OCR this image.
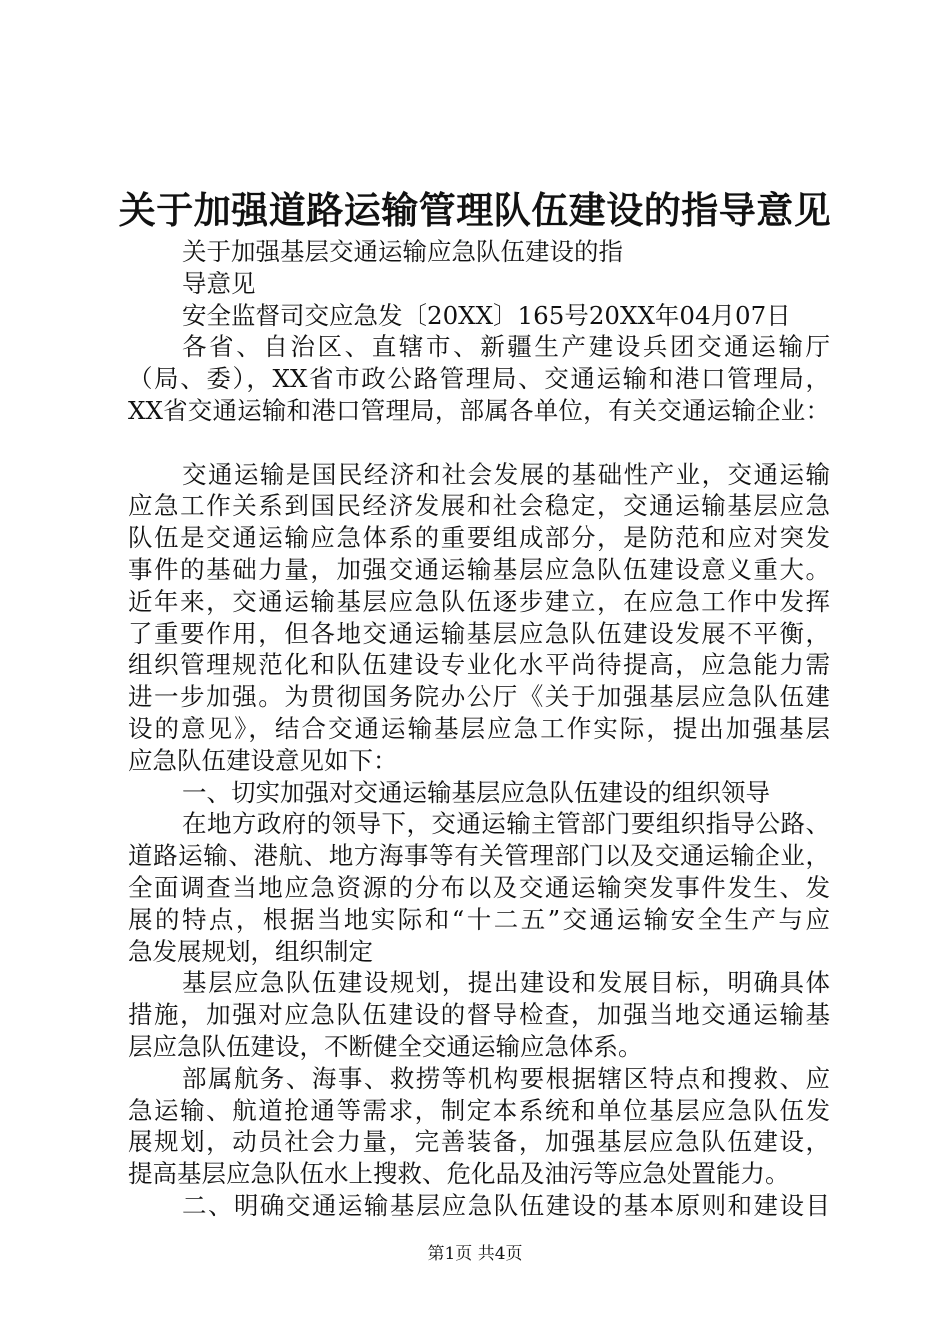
关于加强道路运输管理队伍建设的指导意见
关于加强基层交通运输应急队伍建设的指
导意见
安全监督司交应急发〔20XX〕165号20XX年04月07日
各省、自治区、直辖市、新疆生产建设兵团交通运输厅
（局、委），XX省市政公路管理局、交通运输和港口管理局，
XX省交通运输和港口管理局，部属各单位，有关交通运输企业：
交通运输是国民经济和社会发展的基础性产业，交通运输
应急工作关系到国民经济发展和社会稳定，交通运输基层应急
队伍是交通运输应急体系的重要组成部分，是防范和应对突发
事件的基础力量，加强交通运输基层应急队伍建设意义重大。
近年来，交通运输基层应急队伍逐步建立，在应急工作中发挥
了重要作用，但各地交通运输基层应急队伍建设发展不平衡，
组织管理规范化和队伍建设专业化水平尚待提高，应急能力需
进一步加强。为贯彻国务院办公厅《关于加强基层应急队伍建
设的意见》，结合交通运输基层应急工作实际，提出加强基层
应急队伍建设意见如下：
一、切实加强对交通运输基层应急队伍建设的组织领导
在地方政府的领导下，交通运输主管部门要组织指导公路、
道路运输、港航、地方海事等有关管理部门以及交通运输企业，
全面调查当地应急资源的分布以及交通运输突发事件发生、发
展的特点，根据当地实际和“十二五”交通运输安全生产与应
急发展规划，组织制定
基层应急队伍建设规划，提出建设和发展目标，明确具体
措施，加强对应急队伍建设的督导检查，加强当地交通运输基
层应急队伍建设，不断健全交通运输应急体系。
部属航务、海事、救捞等机构要根据辖区特点和搜救、应
急运输、航道抢通等需求，制定本系统和单位基层应急队伍发
展规划，动员社会力量，完善装备，加强基层应急队伍建设，
提高基层应急队伍水上搜救、危化品及油污等应急处置能力。
二、明确交通运输基层应急队伍建设的基本原则和建设目
第1页 共4页
